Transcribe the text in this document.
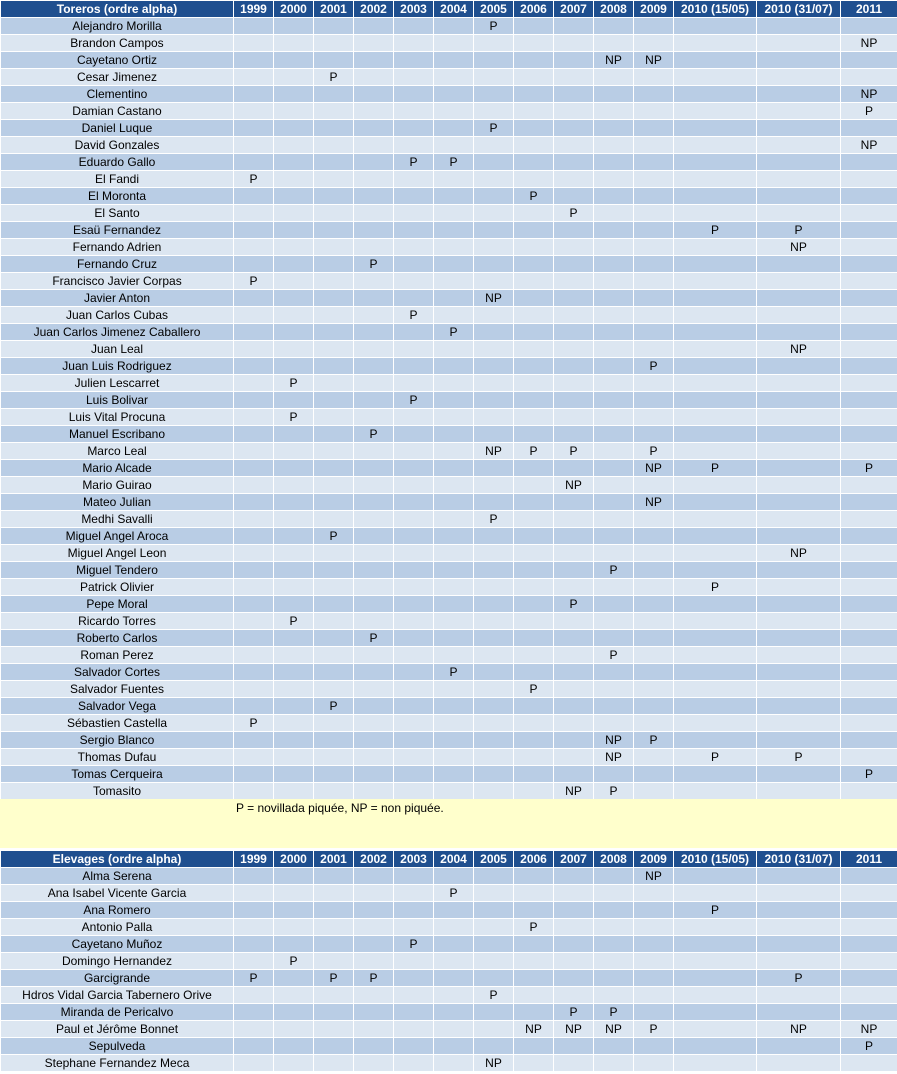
Toreros (ordre alpha)	1999	2000	2001	2002	2003	2004	2005	2006	2007	2008	2009	2010 (15/05)	2010 (31/07)	2011
Alejandro Morilla							P							
Brandon Campos														NP
Cayetano Ortiz										NP	NP			
Cesar Jimenez			P											
Clementino														NP
Damian Castano														P
Daniel Luque							P							
David Gonzales														NP
Eduardo Gallo					P	P								
El Fandi	P													
El Moronta								P						
El Santo									P					
Esaü Fernandez												P	P	
Fernando Adrien													NP	
Fernando Cruz				P										
Francisco Javier Corpas	P													
Javier Anton							NP							
Juan Carlos Cubas					P									
Juan Carlos Jimenez Caballero						P								
Juan Leal													NP	
Juan Luis Rodriguez											P			
Julien Lescarret		P												
Luis Bolivar					P									
Luis Vital Procuna		P												
Manuel Escribano				P										
Marco Leal							NP	P	P		P			
Mario Alcade											NP	P		P
Mario Guirao									NP					
Mateo Julian											NP			
Medhi Savalli							P							
Miguel Angel Aroca			P											
Miguel Angel Leon													NP	
Miguel Tendero										P				
Patrick Olivier												P		
Pepe Moral									P					
Ricardo Torres		P												
Roberto Carlos				P										
Roman Perez										P				
Salvador Cortes						P								
Salvador Fuentes								P						
Salvador Vega			P											
Sébastien Castella	P													
Sergio Blanco										NP	P			
Thomas Dufau										NP		P	P	
Tomas Cerqueira														P
Tomasito									NP	P				
P = novillada piquée, NP = non piquée.
Elevages (ordre alpha)	1999	2000	2001	2002	2003	2004	2005	2006	2007	2008	2009	2010 (15/05)	2010 (31/07)	2011
Alma Serena											NP			
Ana Isabel Vicente Garcia						P								
Ana Romero												P		
Antonio Palla								P						
Cayetano Muñoz					P									
Domingo Hernandez		P												
Garcigrande	P		P	P									P	
Hdros Vidal Garcia Tabernero Orive							P							
Miranda de Pericalvo									P	P				
Paul et Jérôme Bonnet								NP	NP	NP	P		NP	NP
Sepulveda														P
Stephane Fernandez Meca							NP							
